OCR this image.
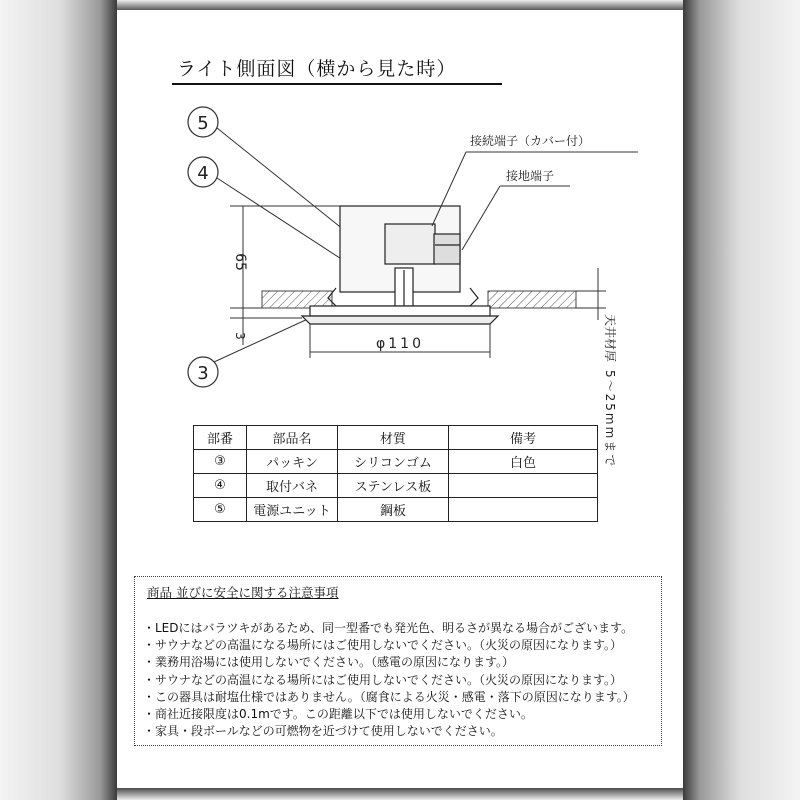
ライト側面図（横から見た時）
5
4
3
接続端子（カバー付）
接地端子
65
3	φ110	天井材厚
5～25mmまで
部番	部品名	材質	備考
③	パッキン	シリコンゴム	白色
④	取付バネ	ステンレス板	
⑤	電源ユニット	鋼板	
商品 並びに安全に関する注意事項
・LEDにはバラツキがあるため、同一型番でも発光色、明るさが異なる場合がございます。
・サウナなどの高温になる場所にはご使用しないでください。（火災の原因になります。）
・業務用浴場には使用しないでください。（感電の原因になります。）
・サウナなどの高温になる場所にはご使用しないでください。（火災の原因になります。）
・この器具は耐塩仕様ではありません。（腐食による火災・感電・落下の原因になります。）
・商社近接限度は0.1mです。この距離以下では使用しないでください。
・家具・段ボールなどの可燃物を近づけて使用しないでください。
